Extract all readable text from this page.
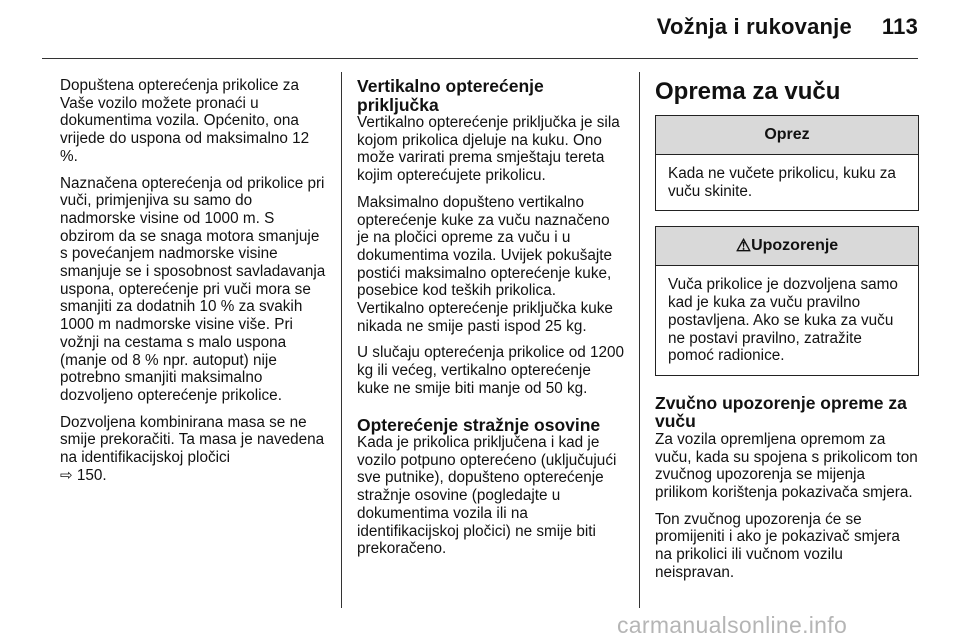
Vožnja i rukovanje 113

Dopuštena opterećenja prikolice za Vaše vozilo možete pronaći u dokumentima vozila. Općenito, ona vrijede do uspona od maksimalno 12 %.

Naznačena opterećenja od prikolice pri vuči, primjenjiva su samo do nadmorske visine od 1000 m. S obzirom da se snaga motora smanjuje s povećanjem nadmorske visine smanjuje se i sposobnost savladavanja uspona, opterećenje pri vuči mora se smanjiti za dodatnih 10 % za svakih 1000 m nadmorske visine više. Pri vožnji na cestama s malo uspona (manje od 8 % npr. autoput) nije potrebno smanjiti maksimalno dozvoljeno opterećenje prikolice.

Dozvoljena kombinirana masa se ne smije prekoračiti. Ta masa je navedena na identifikacijskoj pločici
⇨ 150.

Vertikalno opterećenje priključka

Vertikalno opterećenje priključka je sila kojom prikolica djeluje na kuku. Ono može varirati prema smještaju tereta kojim opterećujete prikolicu.

Maksimalno dopušteno vertikalno opterećenje kuke za vuču naznačeno je na pločici opreme za vuču i u dokumentima vozila. Uvijek pokušajte postići maksimalno opterećenje kuke, posebice kod teških prikolica. Vertikalno opterećenje priključka kuke nikada ne smije pasti ispod 25 kg.

U slučaju opterećenja prikolice od 1200 kg ili većeg, vertikalno opterećenje kuke ne smije biti manje od 50 kg.

Opterećenje stražnje osovine

Kada je prikolica priključena i kad je vozilo potpuno opterećeno (uključujući sve putnike), dopušteno opterećenje stražnje osovine (pogledajte u dokumentima vozila ili na identifikacijskoj pločici) ne smije biti prekoračeno.

Oprema za vuču
Oprez
Kada ne vučete prikolicu, kuku za vuču skinite.
⚠Upozorenje
Vuča prikolice je dozvoljena samo kad je kuka za vuču pravilno postavljena. Ako se kuka za vuču ne postavi pravilno, zatražite pomoć radionice.
Zvučno upozorenje opreme za vuču

Za vozila opremljena opremom za vuču, kada su spojena s prikolicom ton zvučnog upozorenja se mijenja prilikom korištenja pokazivača smjera.

Ton zvučnog upozorenja će se promijeniti i ako je pokazivač smjera na prikolici ili vučnom vozilu neispravan.

carmanualsonline.info
